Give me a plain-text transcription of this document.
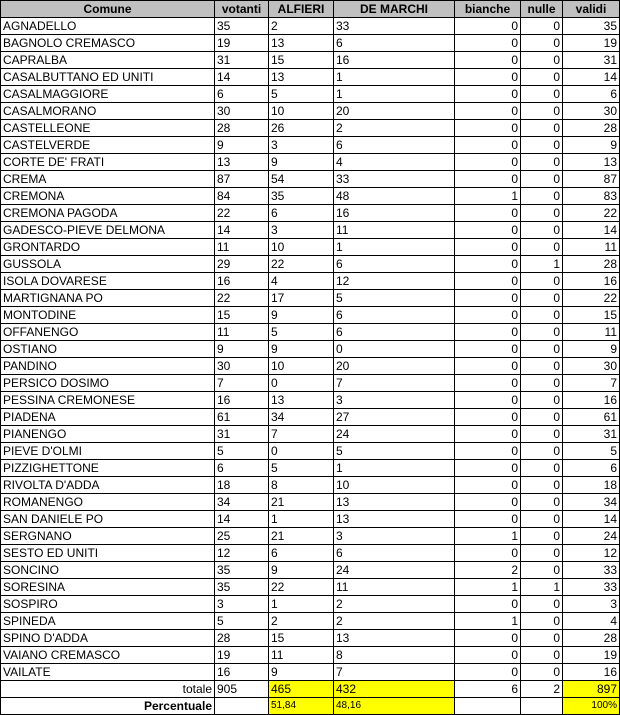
Comune	votanti	ALFIERI	DE MARCHI	bianche	nulle	validi
AGNADELLO	35	2	33	0	0	35
BAGNOLO CREMASCO	19	13	6	0	0	19
CAPRALBA	31	15	16	0	0	31
CASALBUTTANO ED UNITI	14	13	1	0	0	14
CASALMAGGIORE	6	5	1	0	0	6
CASALMORANO	30	10	20	0	0	30
CASTELLEONE	28	26	2	0	0	28
CASTELVERDE	9	3	6	0	0	9
CORTE DE' FRATI	13	9	4	0	0	13
CREMA	87	54	33	0	0	87
CREMONA	84	35	48	1	0	83
CREMONA PAGODA	22	6	16	0	0	22
GADESCO-PIEVE DELMONA	14	3	11	0	0	14
GRONTARDO	11	10	1	0	0	11
GUSSOLA	29	22	6	0	1	28
ISOLA DOVARESE	16	4	12	0	0	16
MARTIGNANA PO	22	17	5	0	0	22
MONTODINE	15	9	6	0	0	15
OFFANENGO	11	5	6	0	0	11
OSTIANO	9	9	0	0	0	9
PANDINO	30	10	20	0	0	30
PERSICO DOSIMO	7	0	7	0	0	7
PESSINA CREMONESE	16	13	3	0	0	16
PIADENA	61	34	27	0	0	61
PIANENGO	31	7	24	0	0	31
PIEVE D'OLMI	5	0	5	0	0	5
PIZZIGHETTONE	6	5	1	0	0	6
RIVOLTA D'ADDA	18	8	10	0	0	18
ROMANENGO	34	21	13	0	0	34
SAN DANIELE PO	14	1	13	0	0	14
SERGNANO	25	21	3	1	0	24
SESTO ED UNITI	12	6	6	0	0	12
SONCINO	35	9	24	2	0	33
SORESINA	35	22	11	1	1	33
SOSPIRO	3	1	2	0	0	3
SPINEDA	5	2	2	1	0	4
SPINO D'ADDA	28	15	13	0	0	28
VAIANO CREMASCO	19	11	8	0	0	19
VAILATE	16	9	7	0	0	16
totale	905	465	432	6	2	897
Percentuale		51,84	48,16			100%
